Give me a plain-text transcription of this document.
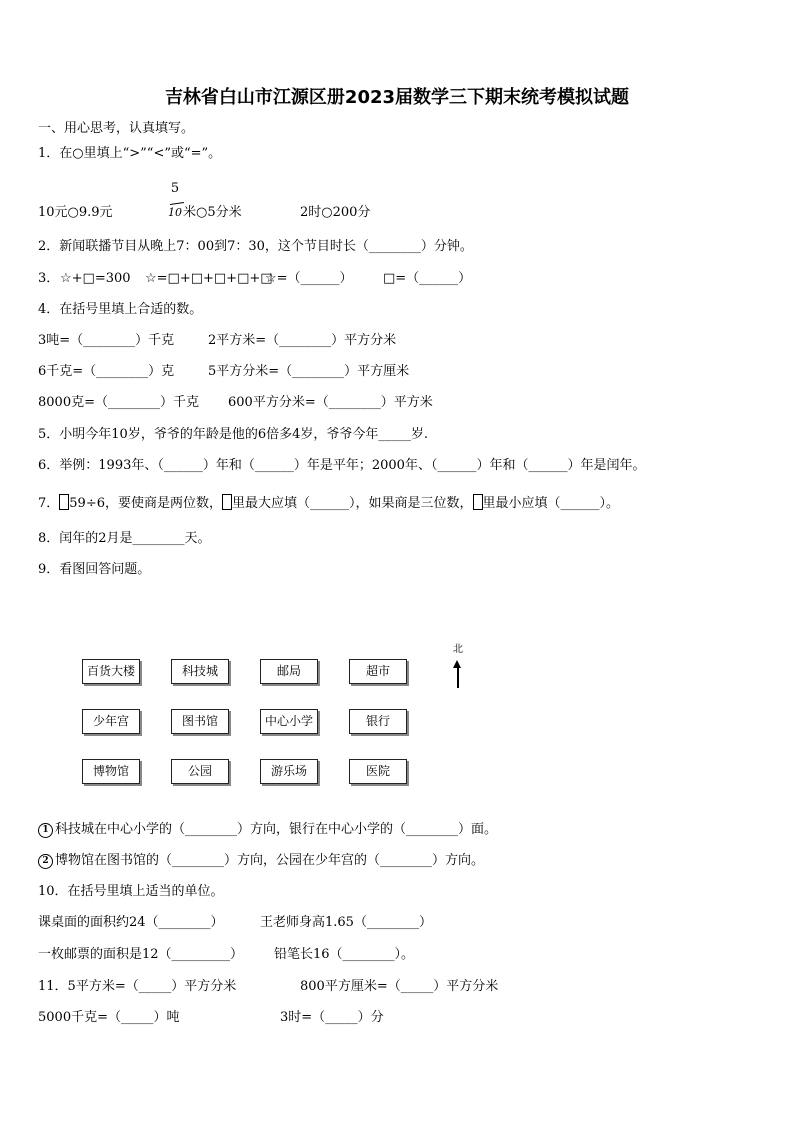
吉林省白山市江源区册2023届数学三下期末统考模拟试题
一、用心思考，认真填写。
1．在○里填上“>”“<”或“=”。
10元○9.9元
5
10 米○5分米	2时○200分
2．新闻联播节目从晚上7：00到7：30，这个节目时长（________）分钟。
3． ☆+□=300 ☆=□+□+□+□+□
☆=（______） □=（______）
4．在括号里填上合适的数。
3吨=（________）千克	2平方米=（________）平方分米
6千克=（________）克	5平方分米=（________）平方厘米
8000克=（________）千克 600平方分米=（________）平方米
5．小明今年10岁，爷爷的年龄是他的6倍多4岁，爷爷今年_____岁.
6．举例：1993年、（______）年和（______）年是平年；2000年、（______）年和（______）年是闰年。
7． 59÷6，要使商是两位数， 里最大应填（______），如果商是三位数， 里最小应填（______）。
8．闰年的2月是________天。
9．看图回答问题。
百货大楼	科技城	邮局	超市
少年宫	图书馆	中心小学	银行
博物馆	公园	游乐场	医院
北
1 科技城在中心小学的（________）方向，银行在中心小学的（________）面。
2 博物馆在图书馆的（________）方向，公园在少年宫的（________）方向。
10．在括号里填上适当的单位。
课桌面的面积约24（________）	王老师身高1.65（________）
一枚邮票的面积是12（_________） 铅笔长16（________）。
11．5平方米=（_____）平方分米	800平方厘米=（_____）平方分米
5000千克=（_____）吨	3时=（_____）分
